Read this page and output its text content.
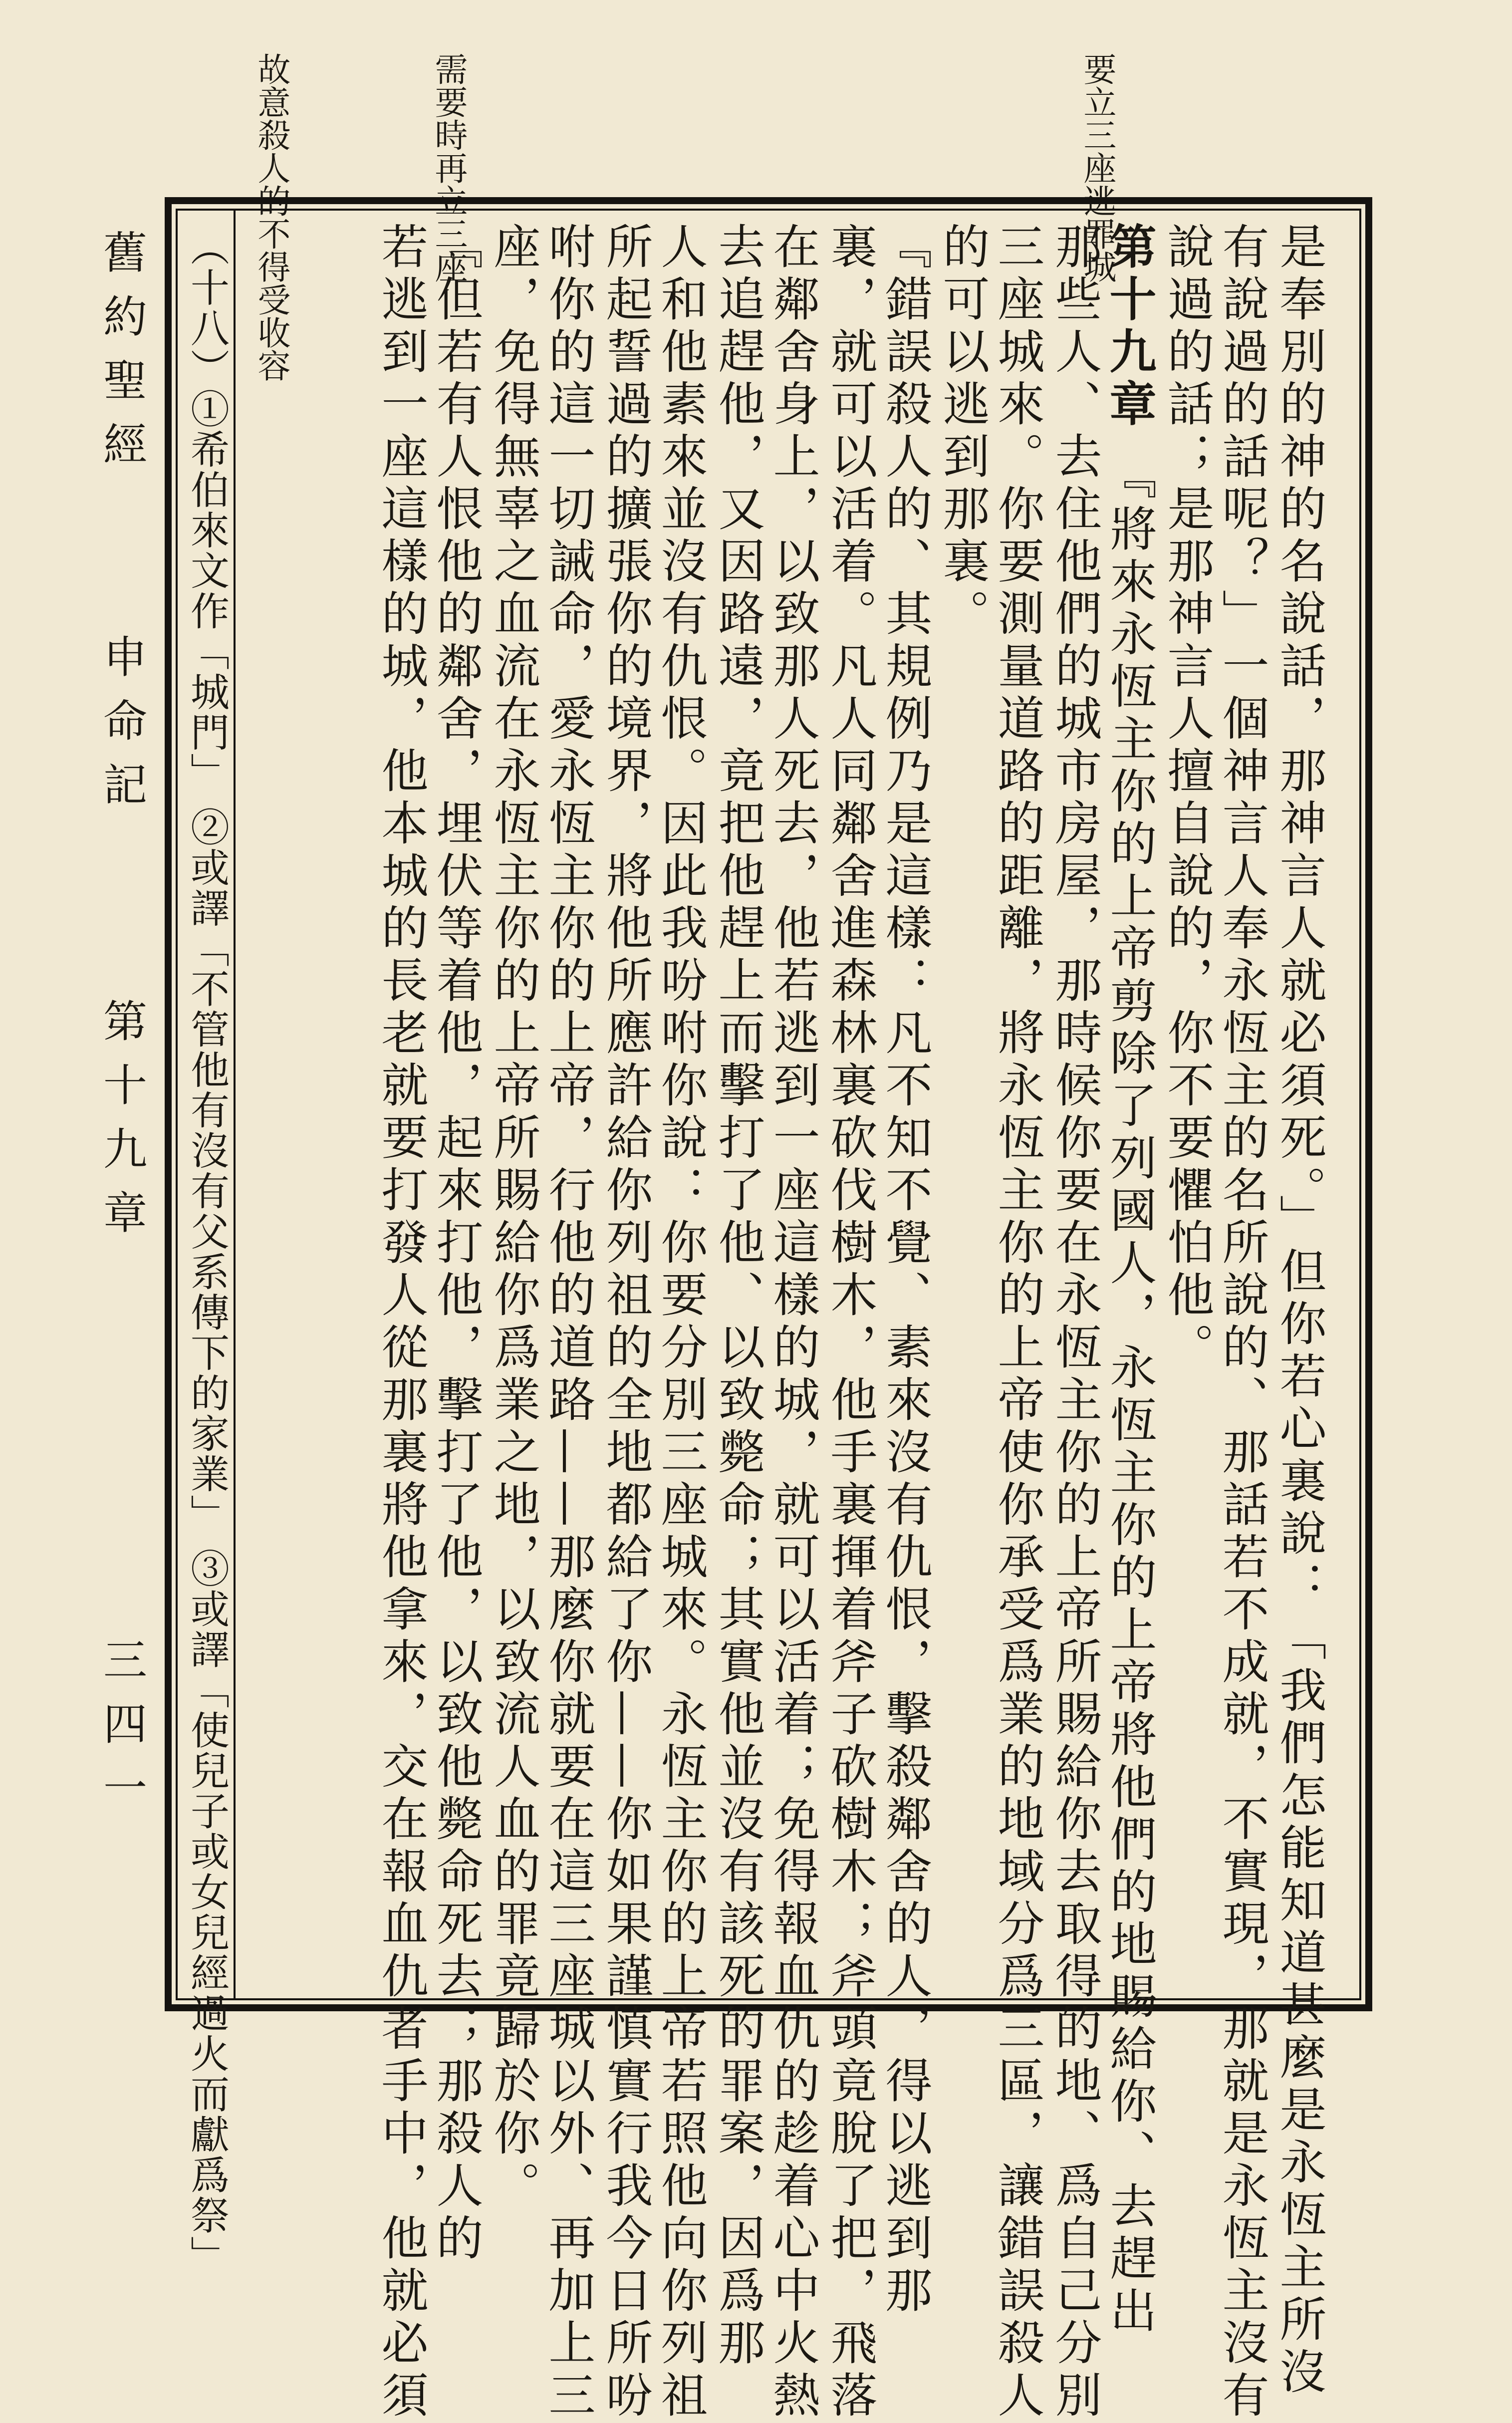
要立三座逃罪城
需要時再立三座
故意殺人的不得受收容
舊約聖經
申命記
第十九章
三四一
是奉別的神的名說話，那神言人就必須死。」但你若心裏說：「我們怎能知道甚麼是永恆主所沒
有說過的話呢？」一個神言人奉永恆主的名所說的、那話若不成就，不實現，那就是永恆主沒有
說過的話；是那神言人擅自說的，你不要懼怕他。
第十九章 『將來永恆主你的上帝剪除了列國人，永恆主你的上帝將他們的地賜給你、去趕出
那些人、去住他們的城市房屋，那時候你要在永恆主你的上帝所賜給你去取得的地、爲自己分別
三座城來。你要測量道路的距離，將永恆主你的上帝使你承受爲業的地域分爲三區，讓錯誤殺人
的可以逃到那裏。
『錯誤殺人的、其規例乃是這樣：凡不知不覺、素來沒有仇恨，擊殺鄰舍的人，得以逃到那
裏，就可以活着。凡人同鄰舍進森林裏砍伐樹木，他手裏揮着斧子砍樹木；斧頭竟脫了把，飛落
在鄰舍身上，以致那人死去，他若逃到一座這樣的城，就可以活着；免得報血仇的趁着心中火熱
去追趕他，又因路遠，竟把他趕上而擊打了他、以致斃命；其實他並沒有該死的罪案，因爲那
人和他素來並沒有仇恨。因此我吩咐你說：你要分別三座城來。永恆主你的上帝若照他向你列祖
所起誓過的擴張你的境界，將他所應許給你列祖的全地都給了你——你如果謹慎實行我今日所吩
咐你的這一切誡命，愛永恆主你的上帝，行他的道路——那麼你就要在這三座城以外、再加上三
座，免得無辜之血流在永恆主你的上帝所賜給你爲業之地，以致流人血的罪竟歸於你。
『但若有人恨他的鄰舍，埋伏等着他，起來打他，擊打了他，以致他斃命死去；那殺人的
若逃到一座這樣的城，他本城的長老就要打發人從那裏將他拿來，交在報血仇者手中，他就必須
（十八）①希伯來文作「城門」 ②或譯「不管他有沒有父系傳下的家業」 ③或譯「使兒子或女兒經過火而獻爲祭」
